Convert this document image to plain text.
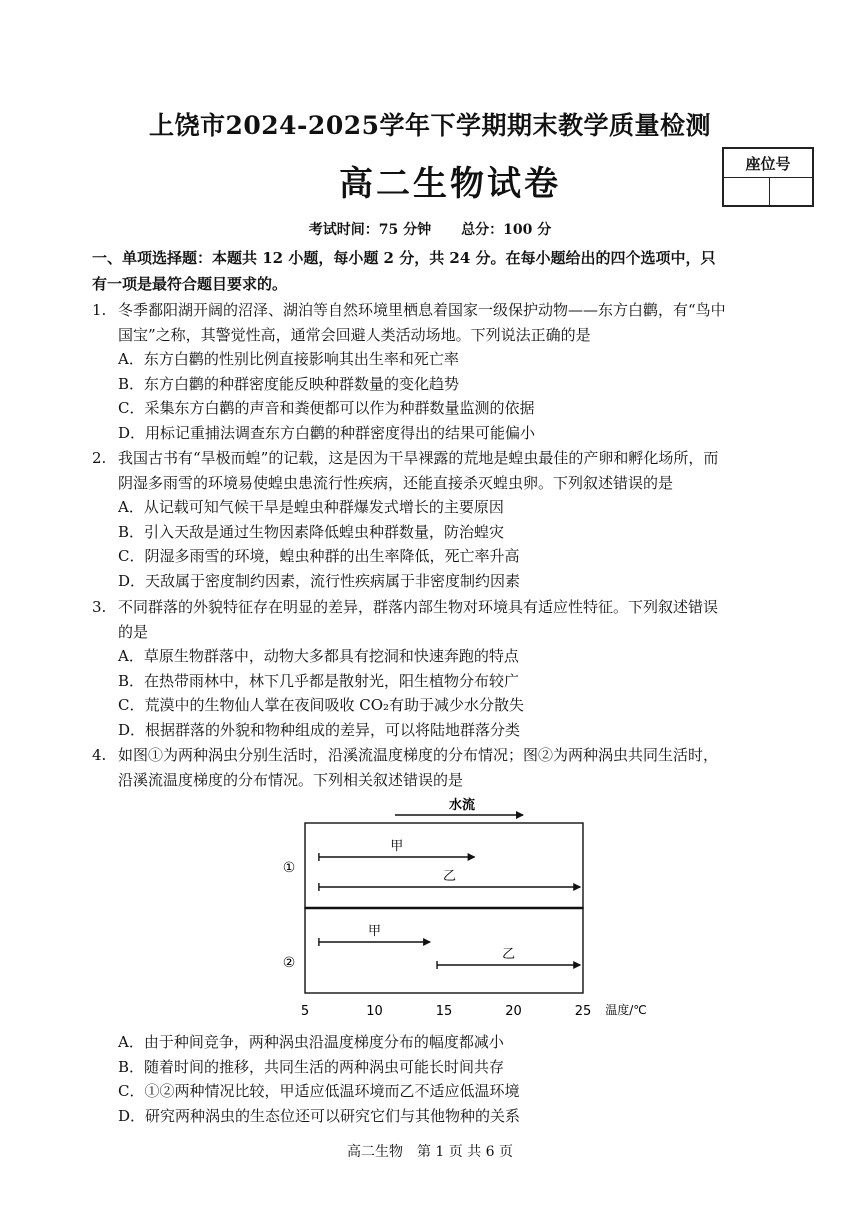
上饶市2024-2025学年下学期期末教学质量检测
高二生物试卷	座位号
考试时间：75 分钟 总分：100 分
一、单项选择题：本题共 12 小题，每小题 2 分，共 24 分。在每小题给出的四个选项中，只
有一项是最符合题目要求的。
1. 冬季鄱阳湖开阔的沼泽、湖泊等自然环境里栖息着国家一级保护动物——东方白鹳，有“鸟中
国宝”之称，其警觉性高，通常会回避人类活动场地。下列说法正确的是
A．东方白鹳的性别比例直接影响其出生率和死亡率
B．东方白鹳的种群密度能反映种群数量的变化趋势
C．采集东方白鹳的声音和粪便都可以作为种群数量监测的依据
D．用标记重捕法调查东方白鹳的种群密度得出的结果可能偏小
2. 我国古书有“旱极而蝗”的记载，这是因为干旱裸露的荒地是蝗虫最佳的产卵和孵化场所，而
阴湿多雨雪的环境易使蝗虫患流行性疾病，还能直接杀灭蝗虫卵。下列叙述错误的是
A．从记载可知气候干旱是蝗虫种群爆发式增长的主要原因
B．引入天敌是通过生物因素降低蝗虫种群数量，防治蝗灾
C．阴湿多雨雪的环境，蝗虫种群的出生率降低，死亡率升高
D．天敌属于密度制约因素，流行性疾病属于非密度制约因素
3. 不同群落的外貌特征存在明显的差异，群落内部生物对环境具有适应性特征。下列叙述错误
的是
A．草原生物群落中，动物大多都具有挖洞和快速奔跑的特点
B．在热带雨林中，林下几乎都是散射光，阳生植物分布较广
C．荒漠中的生物仙人掌在夜间吸收 CO₂有助于减少水分散失
D．根据群落的外貌和物种组成的差异，可以将陆地群落分类
4. 如图①为两种涡虫分别生活时，沿溪流温度梯度的分布情况；图②为两种涡虫共同生活时，
沿溪流温度梯度的分布情况。下列相关叙述错误的是
水流
①
②
甲
乙
甲
乙
5	10	15	20	25 温度/℃
A．由于种间竞争，两种涡虫沿温度梯度分布的幅度都减小
B．随着时间的推移，共同生活的两种涡虫可能长时间共存
C．①②两种情况比较，甲适应低温环境而乙不适应低温环境
D．研究两种涡虫的生态位还可以研究它们与其他物种的关系
高二生物　第 1 页 共 6 页
